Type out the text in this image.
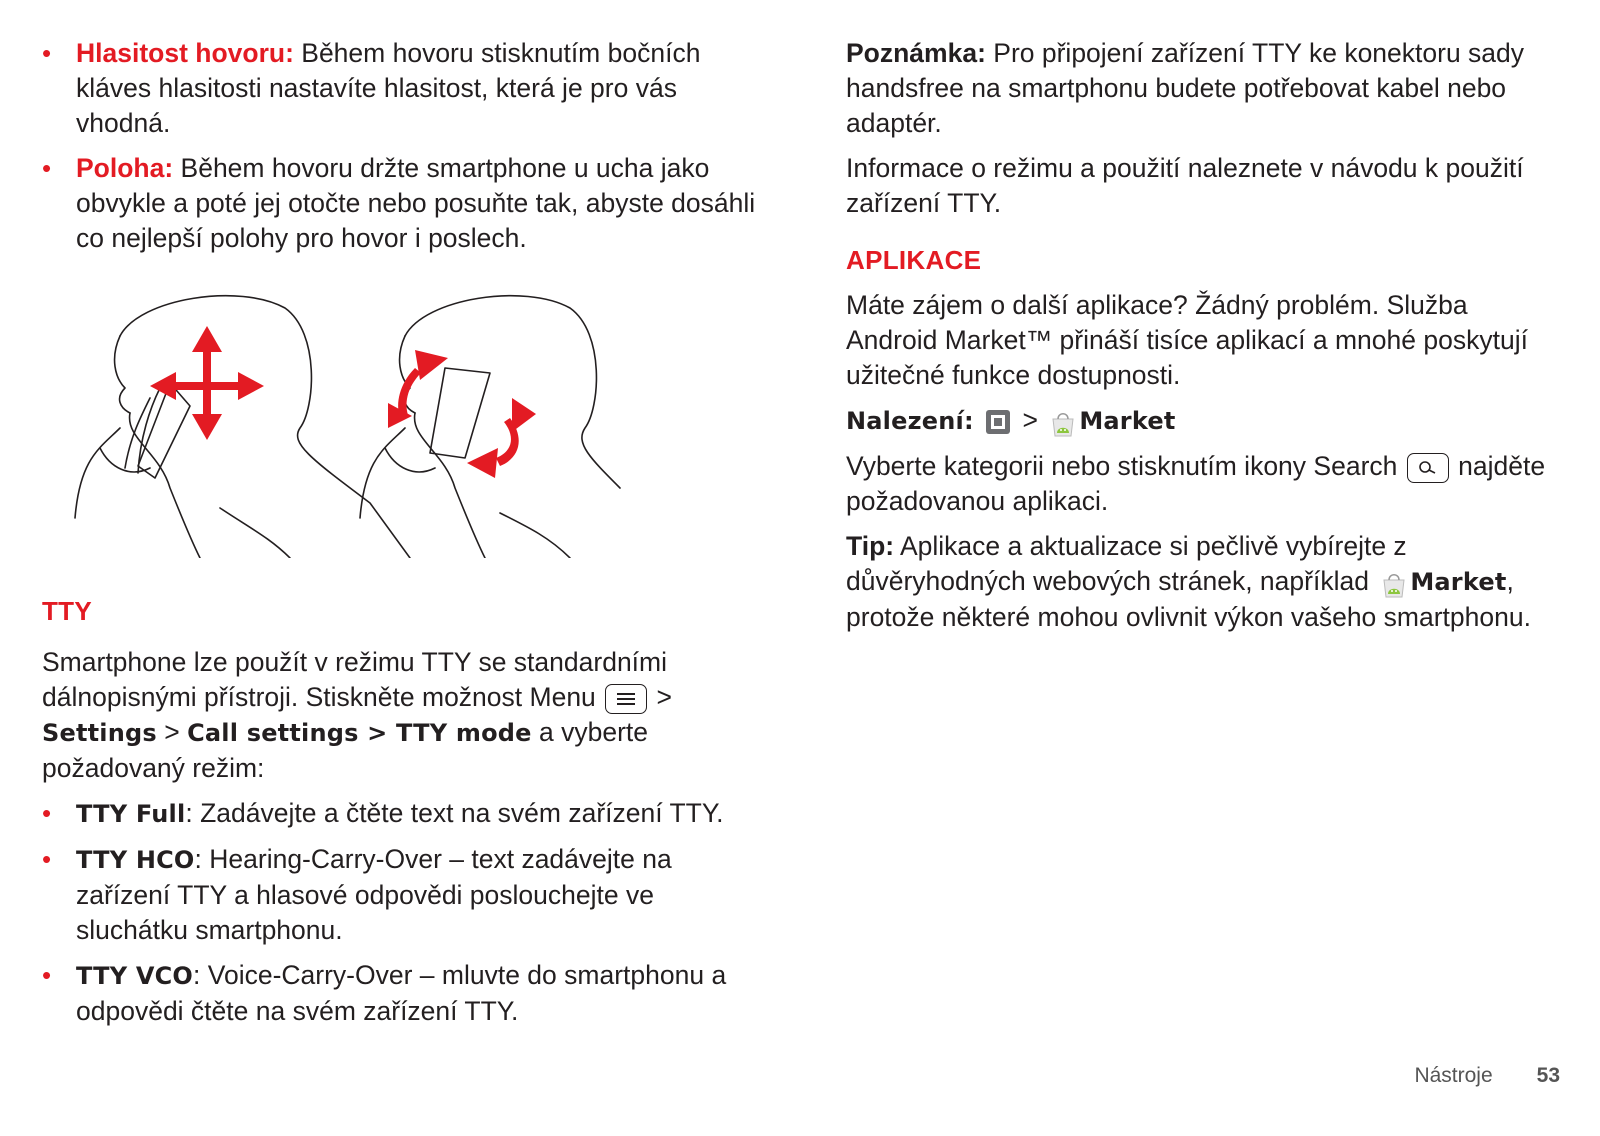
• Hlasitost hovoru: Během hovoru stisknutím bočních kláves hlasitosti nastavíte hlasitost, která je pro vás vhodná.

• Poloha: Během hovoru držte smartphone u ucha jako obvykle a poté jej otočte nebo posuňte tak, abyste dosáhli co nejlepší polohy pro hovor i poslech.

TTY

Smartphone lze použít v režimu TTY se standardními dálnopisnými přístroji. Stiskněte možnost Menu
>
Settings > Call settings > TTY mode a vyberte požadovaný režim:

• TTY Full: Zadávejte a čtěte text na svém zařízení TTY.

• TTY HCO: Hearing-Carry-Over – text zadávejte na zařízení TTY a hlasové odpovědi poslouchejte ve sluchátku smartphonu.

• TTY VCO: Voice-Carry-Over – mluvte do smartphonu a odpovědi čtěte na svém zařízení TTY.

Poznámka: Pro připojení zařízení TTY ke konektoru sady handsfree na smartphonu budete potřebovat kabel nebo adaptér.

Informace o režimu a použití naleznete v návodu k použití zařízení TTY.

APLIKACE

Máte zájem o další aplikace? Žádný problém. Služba Android Market™ přináší tisíce aplikací a mnohé poskytují užitečné funkce dostupnosti.

Nalezení:  > Market

Vyberte kategorii nebo stisknutím ikony Search
najděte požadovanou aplikaci.

Tip: Aplikace a aktualizace si pečlivě vybírejte z důvěryhodných webových stránek, například Market, protože některé mohou ovlivnit výkon vašeho smartphonu.

Nástroje 53
